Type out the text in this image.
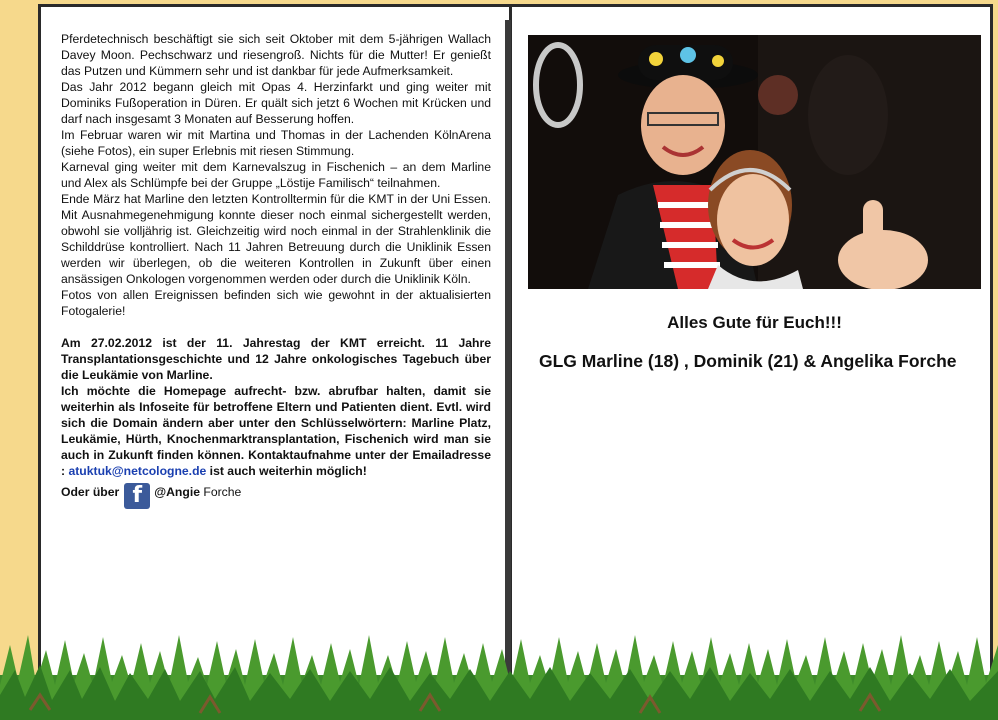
Pferdetechnisch beschäftigt sie sich seit Oktober mit dem 5-jährigen Wallach Davey Moon. Pechschwarz und riesengroß. Nichts für die Mutter! Er genießt das Putzen und Kümmern sehr und ist dankbar für jede Aufmerksamkeit.

Das Jahr 2012 begann gleich mit Opas 4. Herzinfarkt und ging weiter mit Dominiks Fußoperation in Düren. Er quält sich jetzt 6 Wochen mit Krücken und darf nach insgesamt 3 Monaten auf Besserung hoffen.

Im Februar waren wir mit Martina und Thomas in der Lachenden KölnArena (siehe Fotos), ein super Erlebnis mit riesen Stimmung.

Karneval ging weiter mit dem Karnevalszug in Fischenich – an dem Marline und Alex als Schlümpfe bei der Gruppe „Löstije Familisch“ teilnahmen.

Ende März hat Marline den letzten Kontrolltermin für die KMT in der Uni Essen. Mit Ausnahmegenehmigung konnte dieser noch einmal sichergestellt werden, obwohl sie volljährig ist. Gleichzeitig wird noch einmal in der Strahlenklinik die Schilddrüse kontrolliert. Nach 11 Jahren Betreuung durch die Uniklinik Essen werden wir überlegen, ob die weiteren Kontrollen in Zukunft über einen ansässigen Onkologen vorgenommen werden oder durch die Uniklinik Köln.

Fotos von allen Ereignissen befinden sich wie gewohnt in der aktualisierten Fotogalerie!

Am 27.02.2012 ist der 11. Jahrestag der KMT erreicht. 11 Jahre Transplantationsgeschichte und 12 Jahre onkologisches Tagebuch über die Leukämie von Marline.

Ich möchte die Homepage aufrecht- bzw. abrufbar halten, damit sie weiterhin als Infoseite für betroffene Eltern und Patienten dient. Evtl. wird sich die Domain ändern aber unter den Schlüsselwörtern: Marline Platz, Leukämie, Hürth, Knochenmarktransplantation, Fischenich wird man sie auch in Zukunft finden können. Kontaktaufnahme unter der Emailadresse : atuktuk@netcologne.de ist auch weiterhin möglich!

Oder über f	@Angie
Forche
Alles Gute für Euch!!!
GLG Marline (18) , Dominik (21) & Angelika Forche
